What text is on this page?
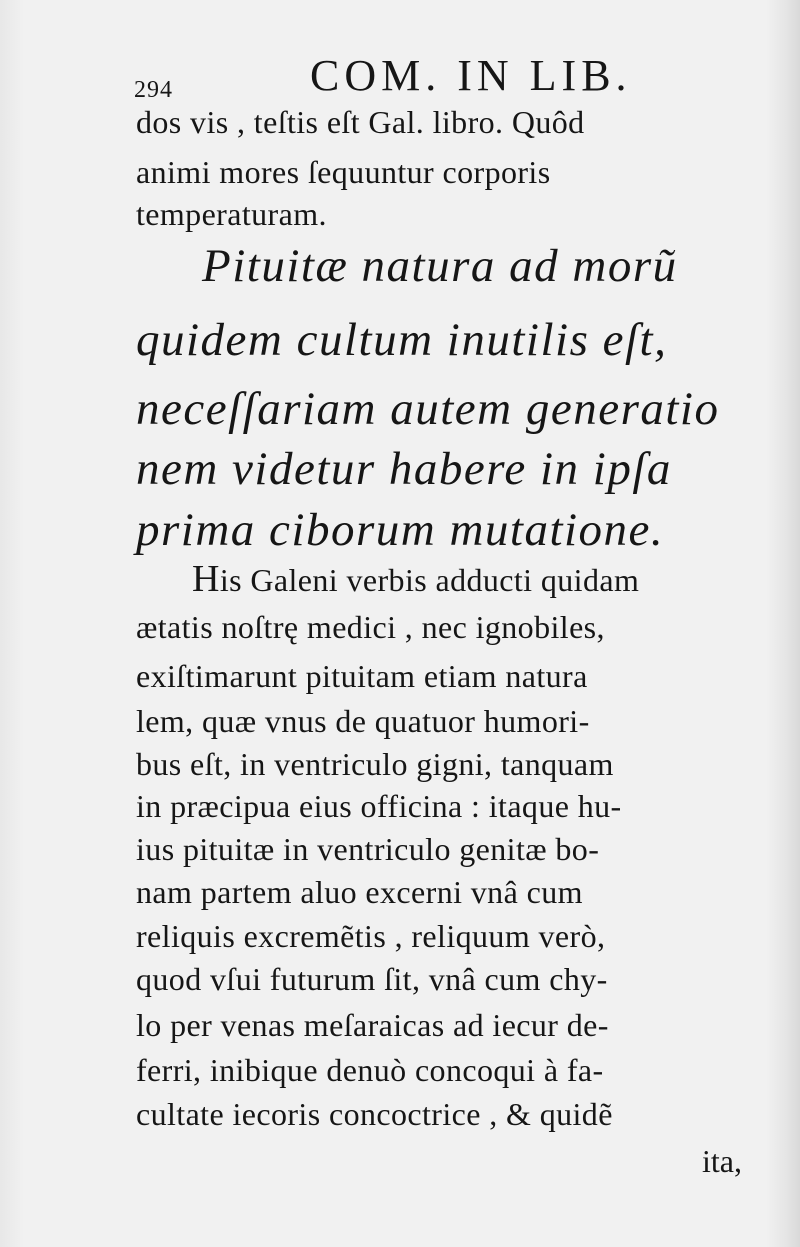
294	COM. IN LIB.
dos vis , teſtis eſt Gal. libro. Quôd
animi mores ſequuntur corporis
temperaturam.
Pituitæ natura ad morũ
quidem cultum inutilis eſt,
neceſſariam autem generatio
nem videtur habere in ipſa
prima ciborum mutatione.
His Galeni verbis adducti quidam
ætatis noſtrę medici , nec ignobiles,
exiſtimarunt pituitam etiam natura
lem, quæ vnus de quatuor humori-
bus eſt, in ventriculo gigni, tanquam
in præcipua eius officina : itaque hu-
ius pituitæ in ventriculo genitæ bo-
nam partem aluo excerni vnâ cum
reliquis excremẽtis , reliquum verò,
quod vſui futurum ſit, vnâ cum chy-
lo per venas meſaraicas ad iecur de-
ferri, inibique denuò concoqui à fa-
cultate iecoris concoctrice , & quidẽ
ita,
